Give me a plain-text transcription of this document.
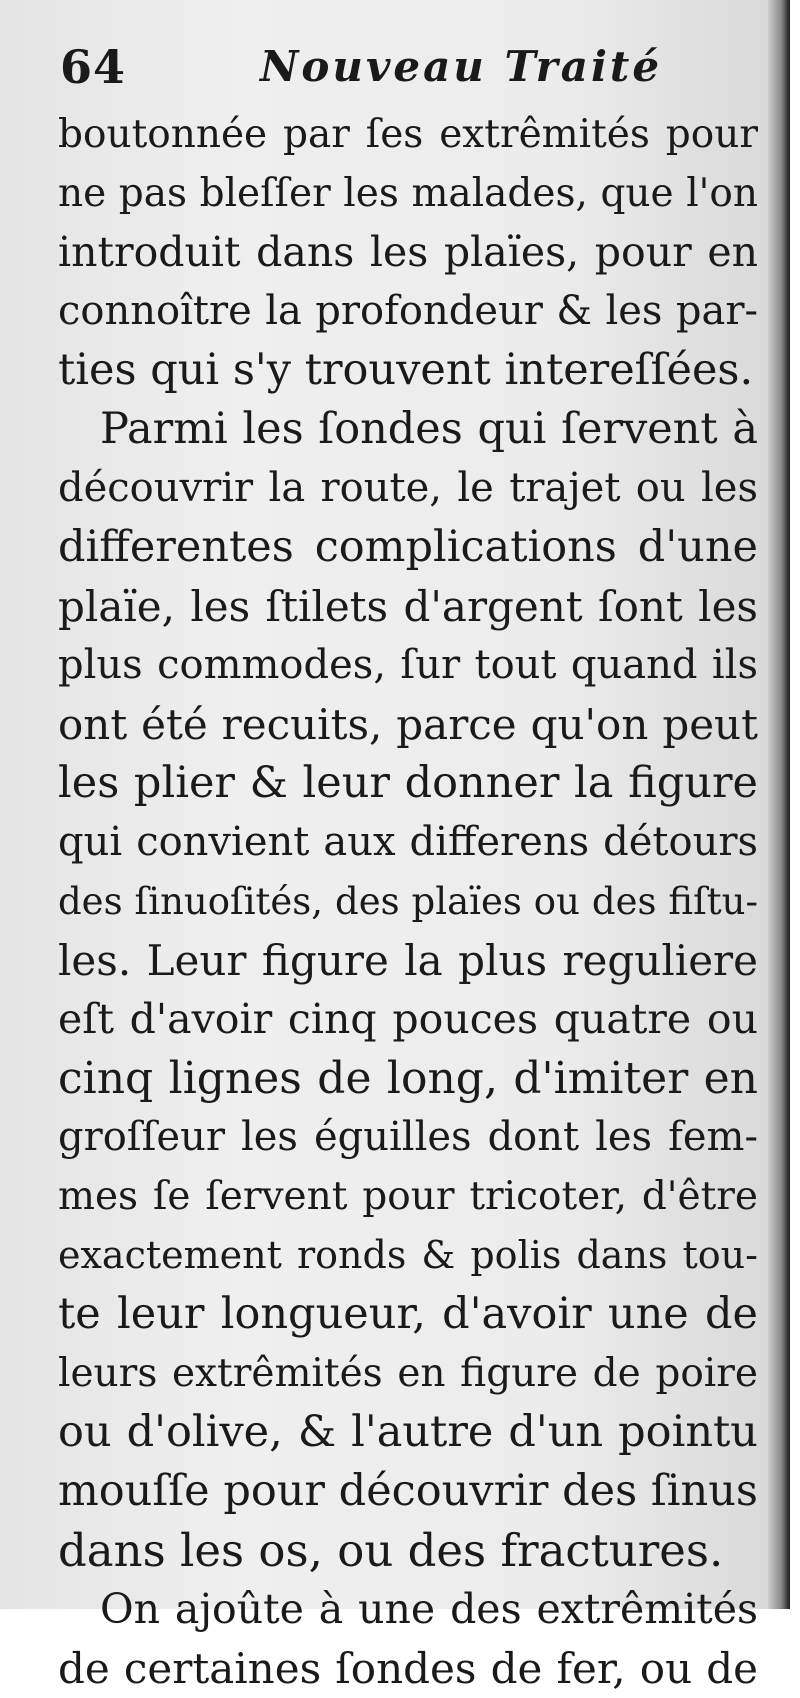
64	Nouveau Traité
boutonnée par ſes extrêmités pour
ne pas bleſſer les malades, que l'on
introduit dans les plaïes, pour en
connoître la profondeur & les par-
ties qui s'y trouvent intereſſées.
Parmi les ſondes qui ſervent à
découvrir la route, le trajet ou les
differentes complications d'une
plaïe, les ſtilets d'argent ſont les
plus commodes, ſur tout quand ils
ont été recuits, parce qu'on peut
les plier & leur donner la figure
qui convient aux differens détours
des ſinuoſités, des plaïes ou des fiſtu-
les. Leur figure la plus reguliere
eſt d'avoir cinq pouces quatre ou
cinq lignes de long, d'imiter en
groſſeur les éguilles dont les fem-
mes ſe ſervent pour tricoter, d'être
exactement ronds & polis dans tou-
te leur longueur, d'avoir une de
leurs extrêmités en figure de poire
ou d'olive, & l'autre d'un pointu
mouſſe pour découvrir des ſinus
dans les os, ou des fractures.
On ajoûte à une des extrêmités
de certaines ſondes de fer, ou de
